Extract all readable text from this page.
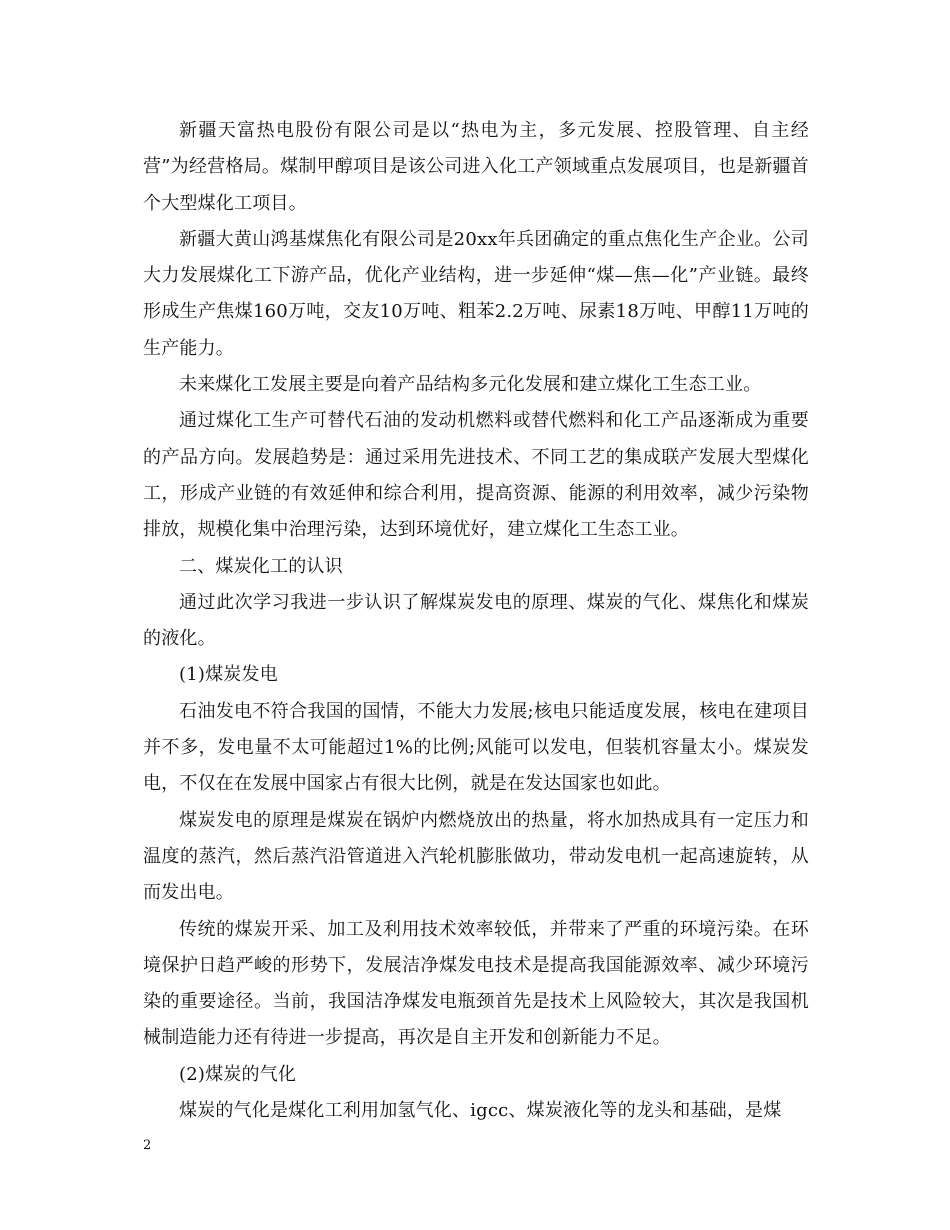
新疆天富热电股份有限公司是以“热电为主，多元发展、控股管理、自主经营”为经营格局。煤制甲醇项目是该公司进入化工产领域重点发展项目，也是新疆首个大型煤化工项目。

新疆大黄山鸿基煤焦化有限公司是20xx年兵团确定的重点焦化生产企业。公司大力发展煤化工下游产品，优化产业结构，进一步延伸“煤—焦—化”产业链。最终形成生产焦煤160万吨，交友10万吨、粗苯2.2万吨、尿素18万吨、甲醇11万吨的生产能力。

未来煤化工发展主要是向着产品结构多元化发展和建立煤化工生态工业。

通过煤化工生产可替代石油的发动机燃料或替代燃料和化工产品逐渐成为重要的产品方向。发展趋势是：通过采用先进技术、不同工艺的集成联产发展大型煤化工，形成产业链的有效延伸和综合利用，提高资源、能源的利用效率，减少污染物排放，规模化集中治理污染，达到环境优好，建立煤化工生态工业。

二、煤炭化工的认识

通过此次学习我进一步认识了解煤炭发电的原理、煤炭的气化、煤焦化和煤炭的液化。

(1)煤炭发电

石油发电不符合我国的国情，不能大力发展;核电只能适度发展，核电在建项目并不多，发电量不太可能超过1%的比例;风能可以发电，但装机容量太小。煤炭发电，不仅在在发展中国家占有很大比例，就是在发达国家也如此。

煤炭发电的原理是煤炭在锅炉内燃烧放出的热量，将水加热成具有一定压力和温度的蒸汽，然后蒸汽沿管道进入汽轮机膨胀做功，带动发电机一起高速旋转，从而发出电。

传统的煤炭开采、加工及利用技术效率较低，并带来了严重的环境污染。在环境保护日趋严峻的形势下，发展洁净煤发电技术是提高我国能源效率、减少环境污染的重要途径。当前，我国洁净煤发电瓶颈首先是技术上风险较大，其次是我国机械制造能力还有待进一步提高，再次是自主开发和创新能力不足。

(2)煤炭的气化

煤炭的气化是煤化工利用加氢气化、igcc、煤炭液化等的龙头和基础，是煤

2
